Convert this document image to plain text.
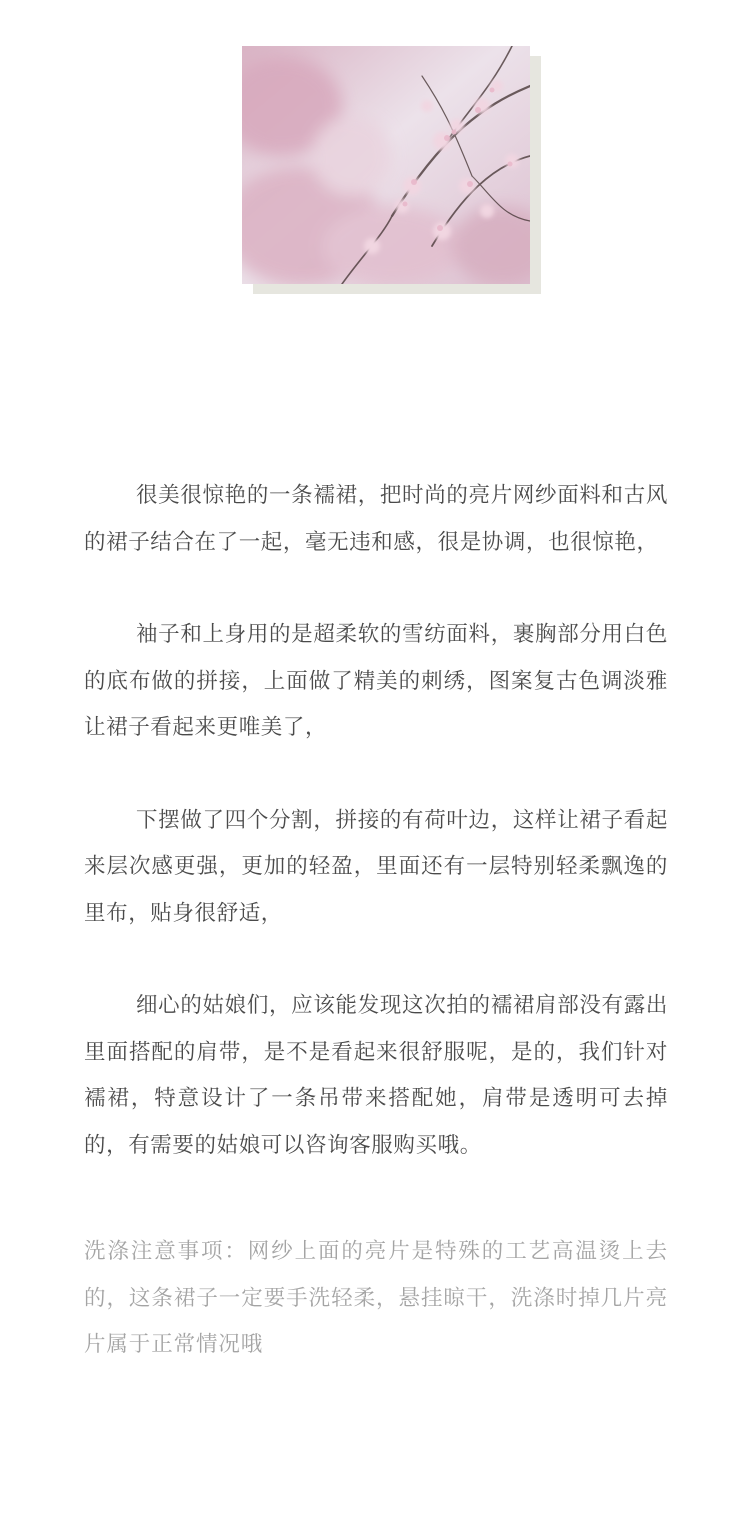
很美很惊艳的一条襦裙，把时尚的亮片网纱面料和古风的裙子结合在了一起，毫无违和感，很是协调，也很惊艳，

袖子和上身用的是超柔软的雪纺面料，裹胸部分用白色的底布做的拼接，上面做了精美的刺绣，图案复古色调淡雅让裙子看起来更唯美了，

下摆做了四个分割，拼接的有荷叶边，这样让裙子看起来层次感更强，更加的轻盈，里面还有一层特别轻柔飘逸的里布，贴身很舒适，

细心的姑娘们，应该能发现这次拍的襦裙肩部没有露出里面搭配的肩带，是不是看起来很舒服呢，是的，我们针对襦裙，特意设计了一条吊带来搭配她，肩带是透明可去掉的，有需要的姑娘可以咨询客服购买哦。

洗涤注意事项：网纱上面的亮片是特殊的工艺高温烫上去的，这条裙子一定要手洗轻柔，悬挂晾干，洗涤时掉几片亮片属于正常情况哦
